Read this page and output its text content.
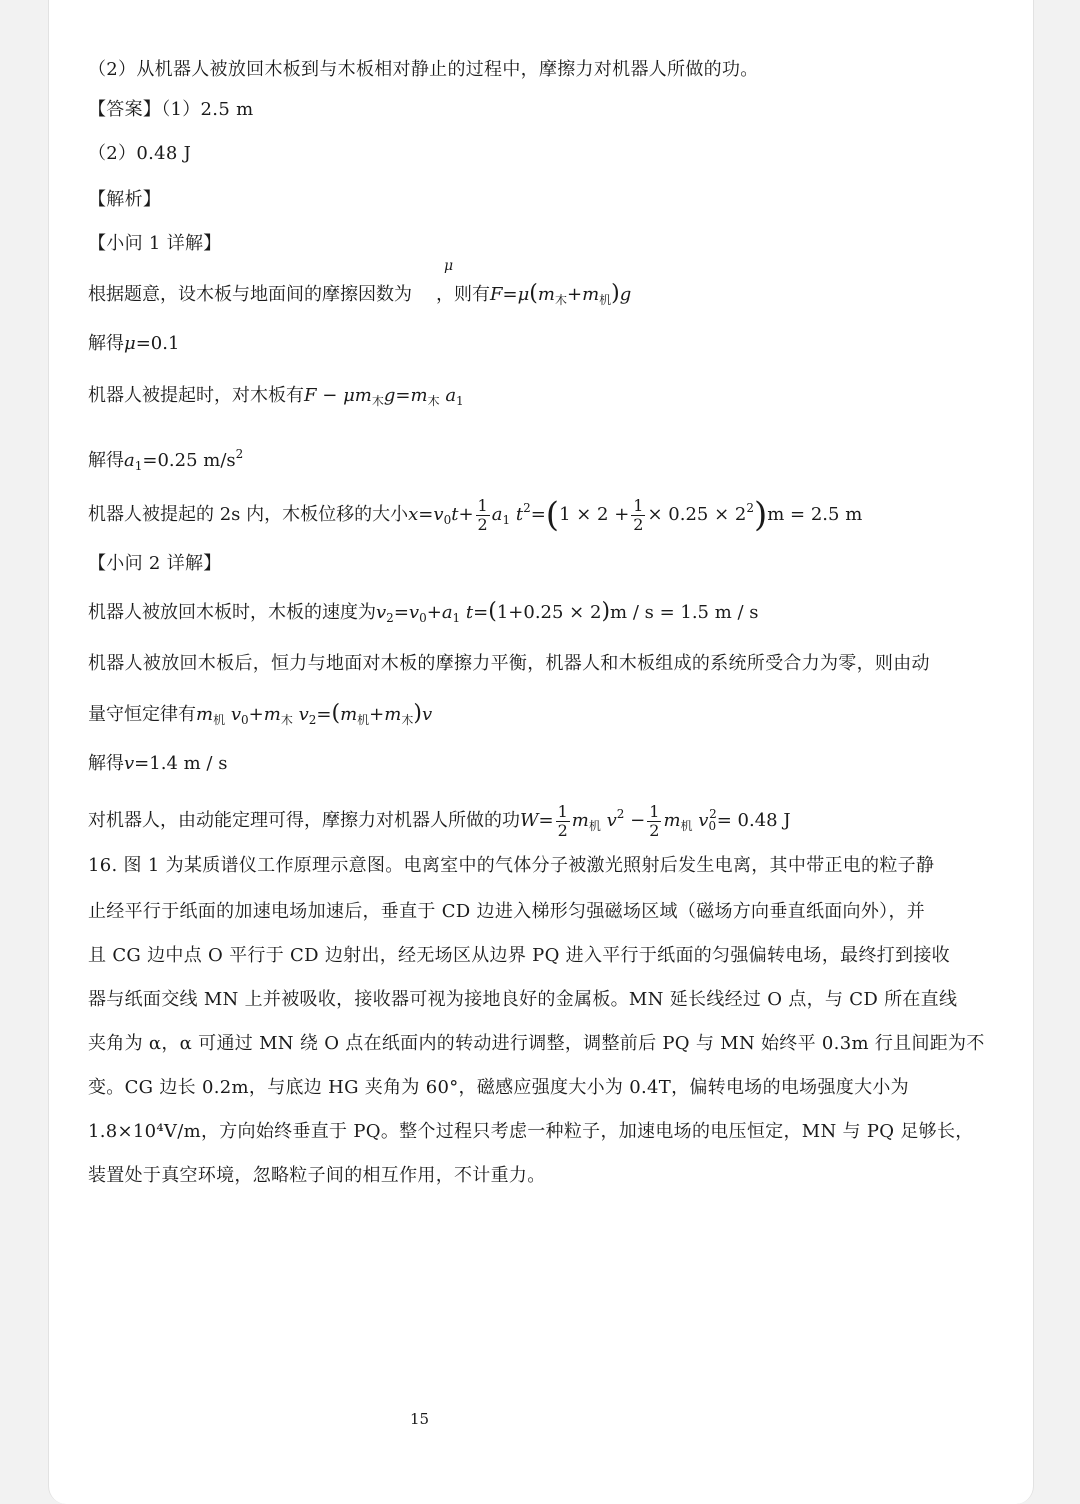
（2）从机器人被放回木板到与木板相对静止的过程中，摩擦力对机器人所做的功。
【答案】（1）2.5 m
（2）0.48 J
【解析】
【小问 1 详解】
μ
根据题意，设木板与地面间的摩擦因数为 ，则有$F=\mu(m_木+m_机)g$
解得μ=0.1
机器人被提起时，对木板有$F - \mu m_木g=m_木$ $a_1$
解得$a_1=0.25$ $m/s^2$
机器人被提起的 2s 内，木板位移的大小$x=v_0t+ \frac{1}{2} a_1$ $t^2=(1 \times 2 + \frac{1}{2} \times 0.25 \times 2^2)m = 2.5$ m
【小问 2 详解】
机器人被放回木板时，木板的速度为$v_2=v_0+a_1$ t=(1+0.25 × 2)m / s = 1.5 m / s
机器人被放回木板后，恒力与地面对木板的摩擦力平衡，机器人和木板组成的系统所受合力为零，则由动
量守恒定律有$m_机$ $v_0+m_木$ $v_2=(m_机+m_木)v$
解得v=1.4 m / s
对机器人，由动能定理可得，摩擦力对机器人所做的功$W= \frac{1}{2} m_机$ $v^2 - \frac{1}{2} m_机$ $v_0^2= 0.48$ J
16. 图 1 为某质谱仪工作原理示意图。电离室中的气体分子被激光照射后发生电离，其中带正电的粒子静
止经平行于纸面的加速电场加速后，垂直于 CD 边进入梯形匀强磁场区域（磁场方向垂直纸面向外），并
且 CG 边中点 O 平行于 CD 边射出，经无场区从边界 PQ 进入平行于纸面的匀强偏转电场，最终打到接收
器与纸面交线 MN 上并被吸收，接收器可视为接地良好的金属板。MN 延长线经过 O 点，与 CD 所在直线
夹角为 α，α 可通过 MN 绕 O 点在纸面内的转动进行调整，调整前后 PQ 与 MN 始终平 0.3m 行且间距为不
变。CG 边长 0.2m，与底边 HG 夹角为 60°，磁感应强度大小为 0.4T，偏转电场的电场强度大小为
1.8×10⁴V/m，方向始终垂直于 PQ。整个过程只考虑一种粒子，加速电场的电压恒定，MN 与 PQ 足够长，
装置处于真空环境，忽略粒子间的相互作用，不计重力。
15
